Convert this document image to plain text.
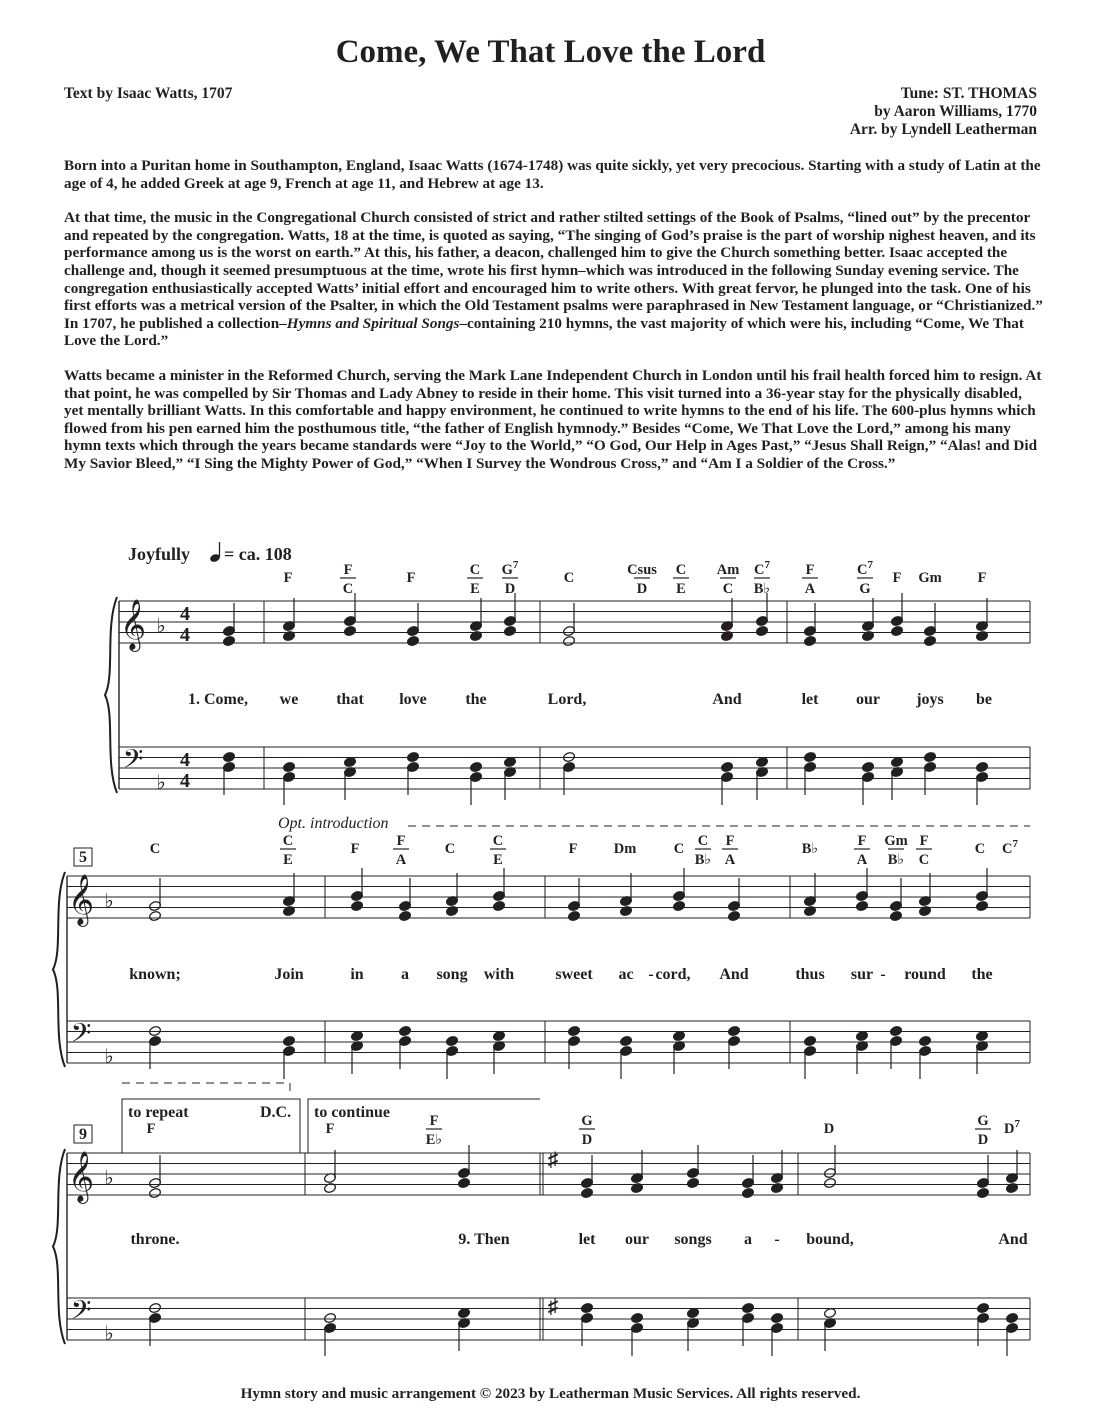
Come, We That Love the Lord
Text by Isaac Watts, 1707	Tune: ST. THOMAS
by Aaron Williams, 1770
Arr. by Lyndell Leatherman

Born into a Puritan home in Southampton, England, Isaac Watts (1674-1748) was quite sickly, yet very precocious. Starting with a study of Latin at the age of 4, he added Greek at age 9, French at age 11, and Hebrew at age 13.

At that time, the music in the Congregational Church consisted of strict and rather stilted settings of the Book of Psalms, “lined out” by the precentor and repeated by the congregation. Watts, 18 at the time, is quoted as saying, “The singing of God’s praise is the part of worship nighest heaven, and its performance among us is the worst on earth.” At this, his father, a deacon, challenged him to give the Church something better. Isaac accepted the challenge and, though it seemed presumptuous at the time, wrote his first hymn–which was introduced in the following Sunday evening service. The congregation enthusiastically accepted Watts’ initial effort and encouraged him to write others. With great fervor, he plunged into the task. One of his first efforts was a metrical version of the Psalter, in which the Old Testament psalms were paraphrased in New Testament language, or “Christianized.” In 1707, he published a collection–Hymns and Spiritual Songs–containing 210 hymns, the vast majority of which were his, including “Come, We That Love the Lord.”

Watts became a minister in the Reformed Church, serving the Mark Lane Independent Church in London until his frail health forced him to resign. At that point, he was compelled by Sir Thomas and Lady Abney to reside in their home. This visit turned into a 36-year stay for the physically disabled, yet mentally brilliant Watts. In this comfortable and happy environment, he continued to write hymns to the end of his life. The 600-plus hymns which flowed from his pen earned him the posthumous title, “the father of English hymnody.” Besides “Come, We That Love the Lord,” among his many hymn texts which through the years became standards were “Joy to the World,” “O God, Our Help in Ages Past,” “Jesus Shall Reign,” “Alas! and Did My Savior Bleed,” “I Sing the Mighty Power of God,” “When I Survey the Wondrous Cross,” and “Am I a Soldier of the Cross.”

𝄞
𝄢
♭
♭
𝄞
𝄢
♭
♭
𝄞
𝄢
♭
♭
4
4
4
4
♯
♯
5
9
Joyfully = ca. 108
Opt. introduction
to repeat	D.C. to continue
F	F
C
F	C
E
$G^7$
D
C	Csus
D
C
E
Am
C
$C^7$
B♭
F
A
$C^7$
G
F Gm F
C	C
E
F	F
A
C	C
E
F	Dm	C C
B♭
F
A
B♭	F
A
Gm
B♭
F
C
C $C^7$
F	F	F
E♭
G
D
D	G
D
$D^7$
1. Come, we that love the	Lord,	And	let our joys be
known;	Join	in a song with	sweet ac - cord, And	thus sur - round the
throne.	9. Then	let our songs a - bound,	And
Hymn story and music arrangement © 2023 by Leatherman Music Services. All rights reserved.
